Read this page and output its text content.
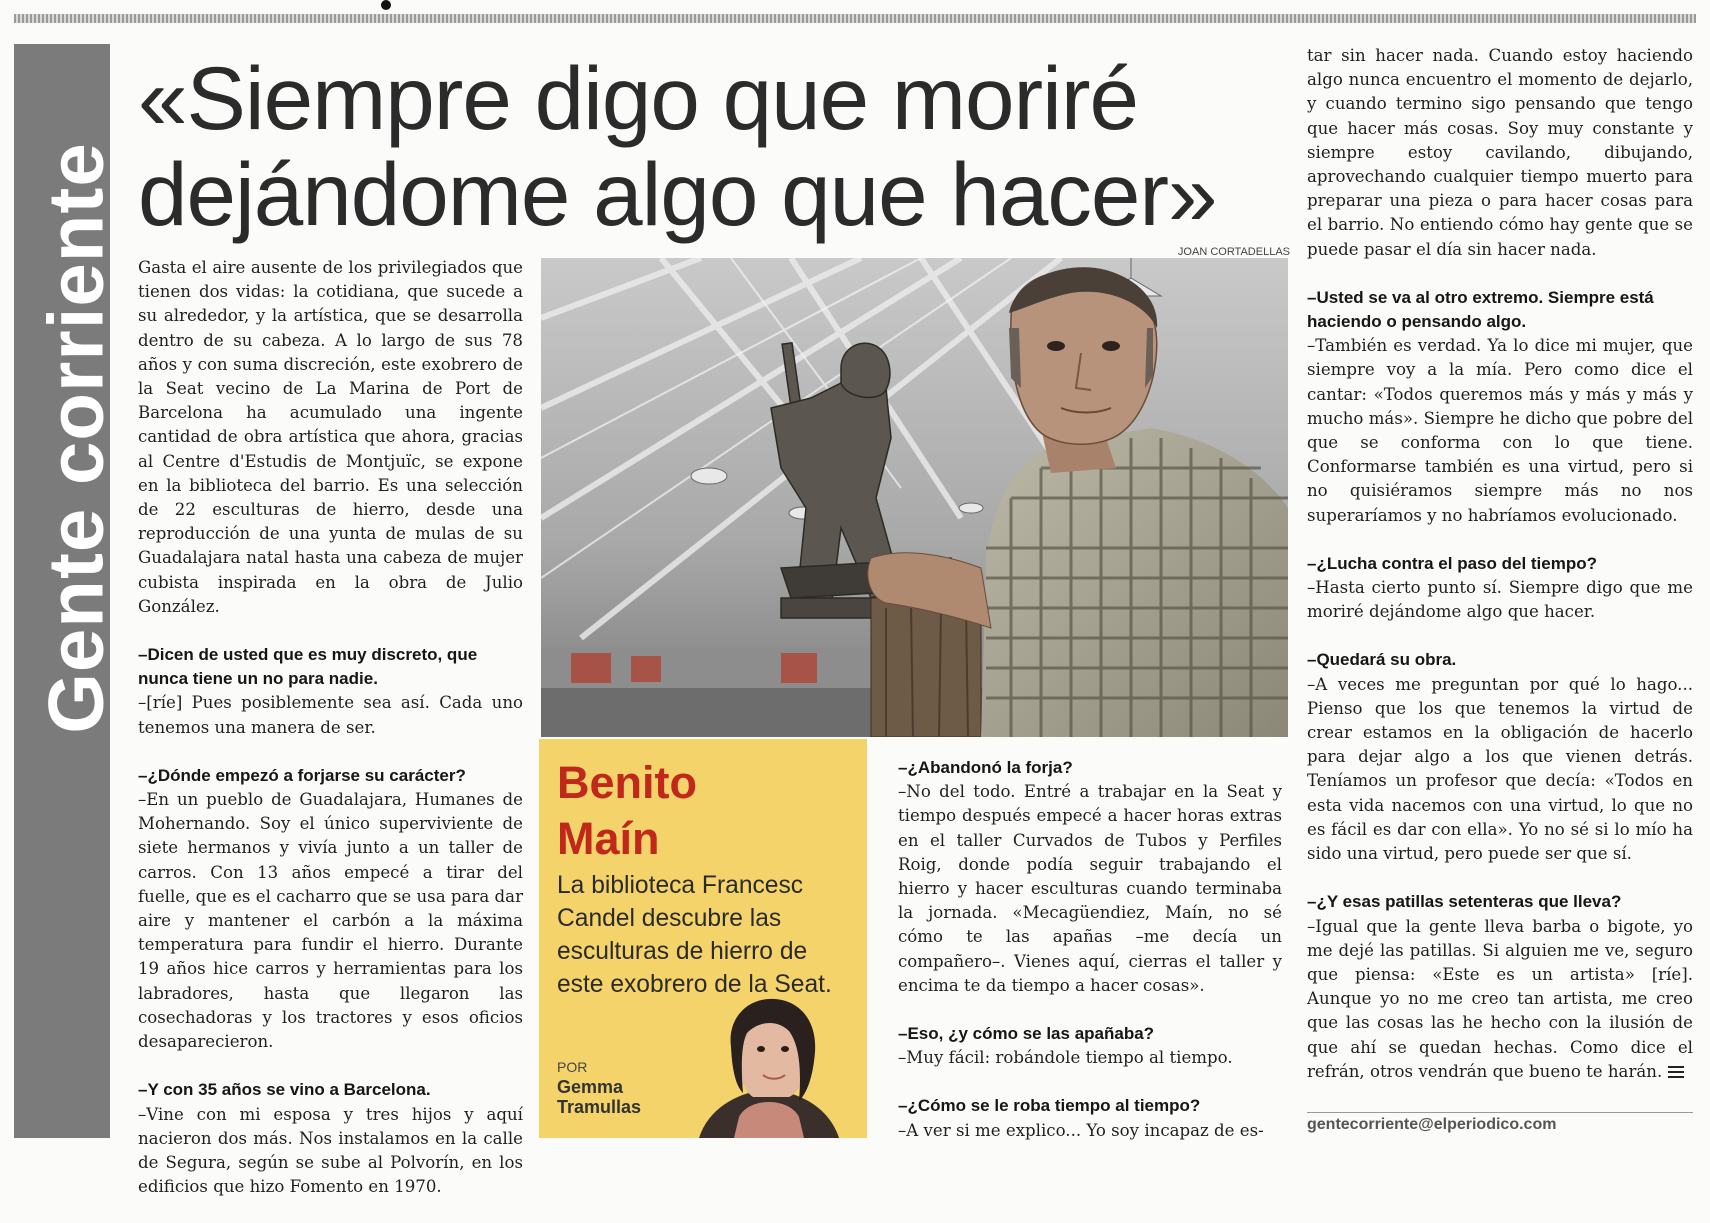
Gente corriente
«Siempre digo que moriré dejándome algo que hacer»
JOAN CORTADELLAS

Gasta el aire ausente de los privilegiados que tienen dos vidas: la cotidiana, que sucede a su alrededor, y la artística, que se desarrolla dentro de su cabeza. A lo largo de sus 78 años y con suma discreción, este exobrero de la Seat vecino de La Marina de Port de Barcelona ha acumulado una ingente cantidad de obra artística que ahora, gracias al Centre d'Estudis de Montjuïc, se expone en la biblioteca del barrio. Es una selección de 22 esculturas de hierro, desde una reproducción de una yunta de mulas de su Guadalajara natal hasta una cabeza de mujer cubista inspirada en la obra de Julio González.

–Dicen de usted que es muy discreto, que nunca tiene un no para nadie.
–[ríe] Pues posiblemente sea así. Cada uno tenemos una manera de ser.

–¿Dónde empezó a forjarse su carácter?
–En un pueblo de Guadalajara, Humanes de Mohernando. Soy el único superviviente de siete hermanos y vivía junto a un taller de carros. Con 13 años empecé a tirar del fuelle, que es el cacharro que se usa para dar aire y mantener el carbón a la máxima temperatura para fundir el hierro. Durante 19 años hice carros y herramientas para los labradores, hasta que llegaron las cosechadoras y los tractores y esos oficios desaparecieron.

–Y con 35 años se vino a Barcelona.
–Vine con mi esposa y tres hijos y aquí nacieron dos más. Nos instalamos en la calle de Segura, según se sube al Polvorín, en los edificios que hizo Fomento en 1970.

Benito
Maín
La biblioteca Francesc Candel descubre las esculturas de hierro de este exobrero de la Seat.
POR
Gemma Tramullas

–¿Abandonó la forja?
–No del todo. Entré a trabajar en la Seat y tiempo después empecé a hacer horas extras en el taller Curvados de Tubos y Perfiles Roig, donde podía seguir trabajando el hierro y hacer esculturas cuando terminaba la jornada. «Mecagüendiez, Maín, no sé cómo te las apañas –me decía un compañero–. Vienes aquí, cierras el taller y encima te da tiempo a hacer cosas».

–Eso, ¿y cómo se las apañaba?
–Muy fácil: robándole tiempo al tiempo.

–¿Cómo se le roba tiempo al tiempo?
–A ver si me explico... Yo soy incapaz de es-

tar sin hacer nada. Cuando estoy haciendo algo nunca encuentro el momento de dejarlo, y cuando termino sigo pensando que tengo que hacer más cosas. Soy muy constante y siempre estoy cavilando, dibujando, aprovechando cualquier tiempo muerto para preparar una pieza o para hacer cosas para el barrio. No entiendo cómo hay gente que se puede pasar el día sin hacer nada.

–Usted se va al otro extremo. Siempre está haciendo o pensando algo.
–También es verdad. Ya lo dice mi mujer, que siempre voy a la mía. Pero como dice el cantar: «Todos queremos más y más y más y mucho más». Siempre he dicho que pobre del que se conforma con lo que tiene. Conformarse también es una virtud, pero si no quisiéramos siempre más no nos superaríamos y no habríamos evolucionado.

–¿Lucha contra el paso del tiempo?
–Hasta cierto punto sí. Siempre digo que me moriré dejándome algo que hacer.

–Quedará su obra.
–A veces me preguntan por qué lo hago... Pienso que los que tenemos la virtud de crear estamos en la obligación de hacerlo para dejar algo a los que vienen detrás. Teníamos un profesor que decía: «Todos en esta vida nacemos con una virtud, lo que no es fácil es dar con ella». Yo no sé si lo mío ha sido una virtud, pero puede ser que sí.

–¿Y esas patillas setenteras que lleva?
–Igual que la gente lleva barba o bigote, yo me dejé las patillas. Si alguien me ve, seguro que piensa: «Este es un artista» [ríe]. Aunque yo no me creo tan artista, me creo que las cosas las he hecho con la ilusión de que ahí se quedan hechas. Como dice el refrán, otros vendrán que bueno te harán.

gentecorriente@elperiodico.com
